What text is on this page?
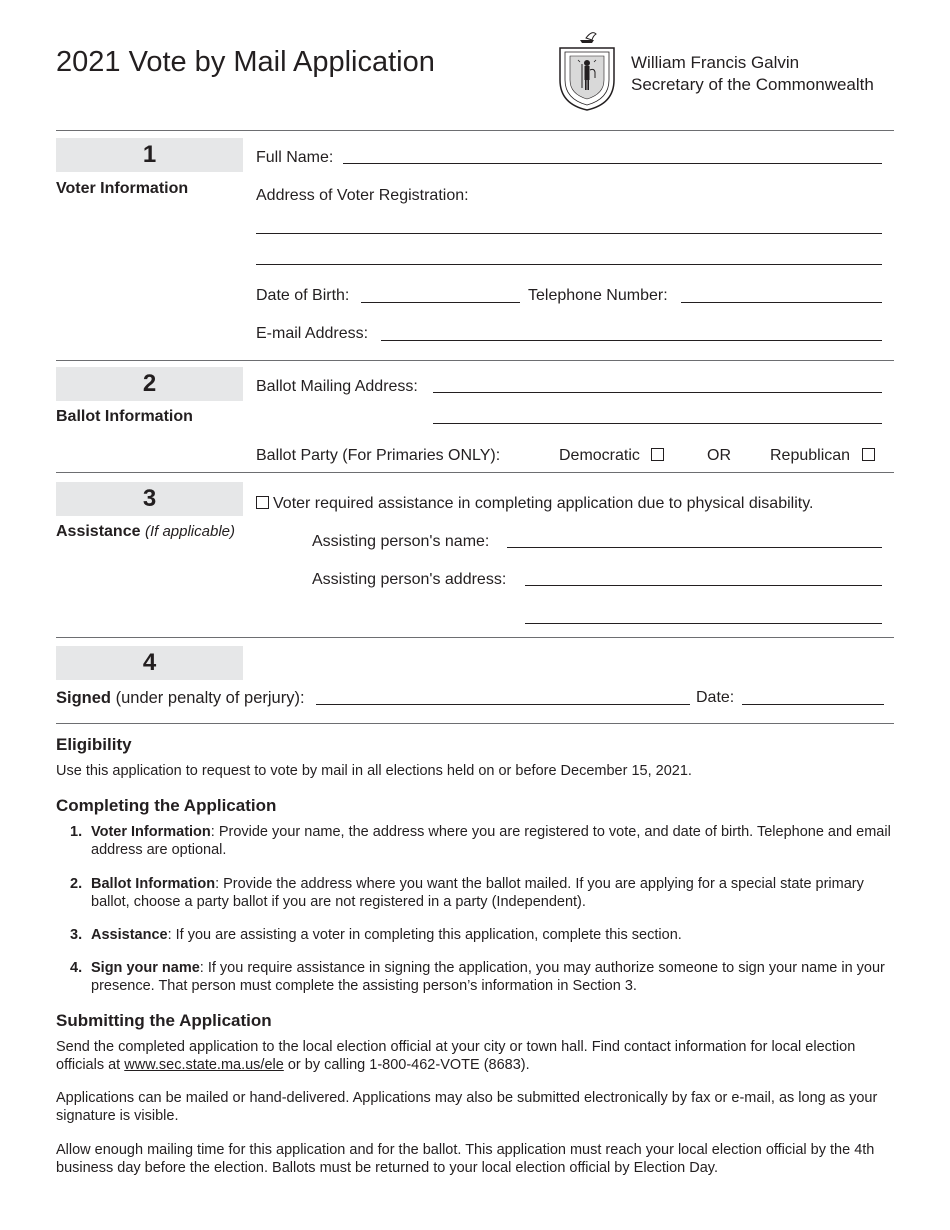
2021 Vote by Mail Application	William Francis Galvin
Secretary of the Commonwealth
1
Voter Information
Full Name:
Address of Voter Registration:
Date of Birth:	Telephone Number:
E-mail Address:
2
Ballot Information
Ballot Mailing Address:
Ballot Party (For Primaries ONLY):	Democratic	OR Republican
3
Assistance (If applicable)
Voter required assistance in completing application due to physical disability.
Assisting person's name:
Assisting person's address:
4
Signed (under penalty of perjury):	Date:
Eligibility
Use this application to request to vote by mail in all elections held on or before December 15, 2021.
Completing the Application
1. Voter Information: Provide your name, the address where you are registered to vote, and date of birth. Telephone and email address are optional.
2. Ballot Information: Provide the address where you want the ballot mailed. If you are applying for a special state primary ballot, choose a party ballot if you are not registered in a party (Independent).
3. Assistance: If you are assisting a voter in completing this application, complete this section.
4. Sign your name: If you require assistance in signing the application, you may authorize someone to sign your name in your presence. That person must complete the assisting person’s information in Section 3.
Submitting the Application
Send the completed application to the local election official at your city or town hall. Find contact information for local election officials at www.sec.state.ma.us/ele or by calling 1-800-462-VOTE (8683).
Applications can be mailed or hand-delivered. Applications may also be submitted electronically by fax or e-mail, as long as your signature is visible.
Allow enough mailing time for this application and for the ballot. This application must reach your local election official by the 4th business day before the election. Ballots must be returned to your local election official by Election Day.
